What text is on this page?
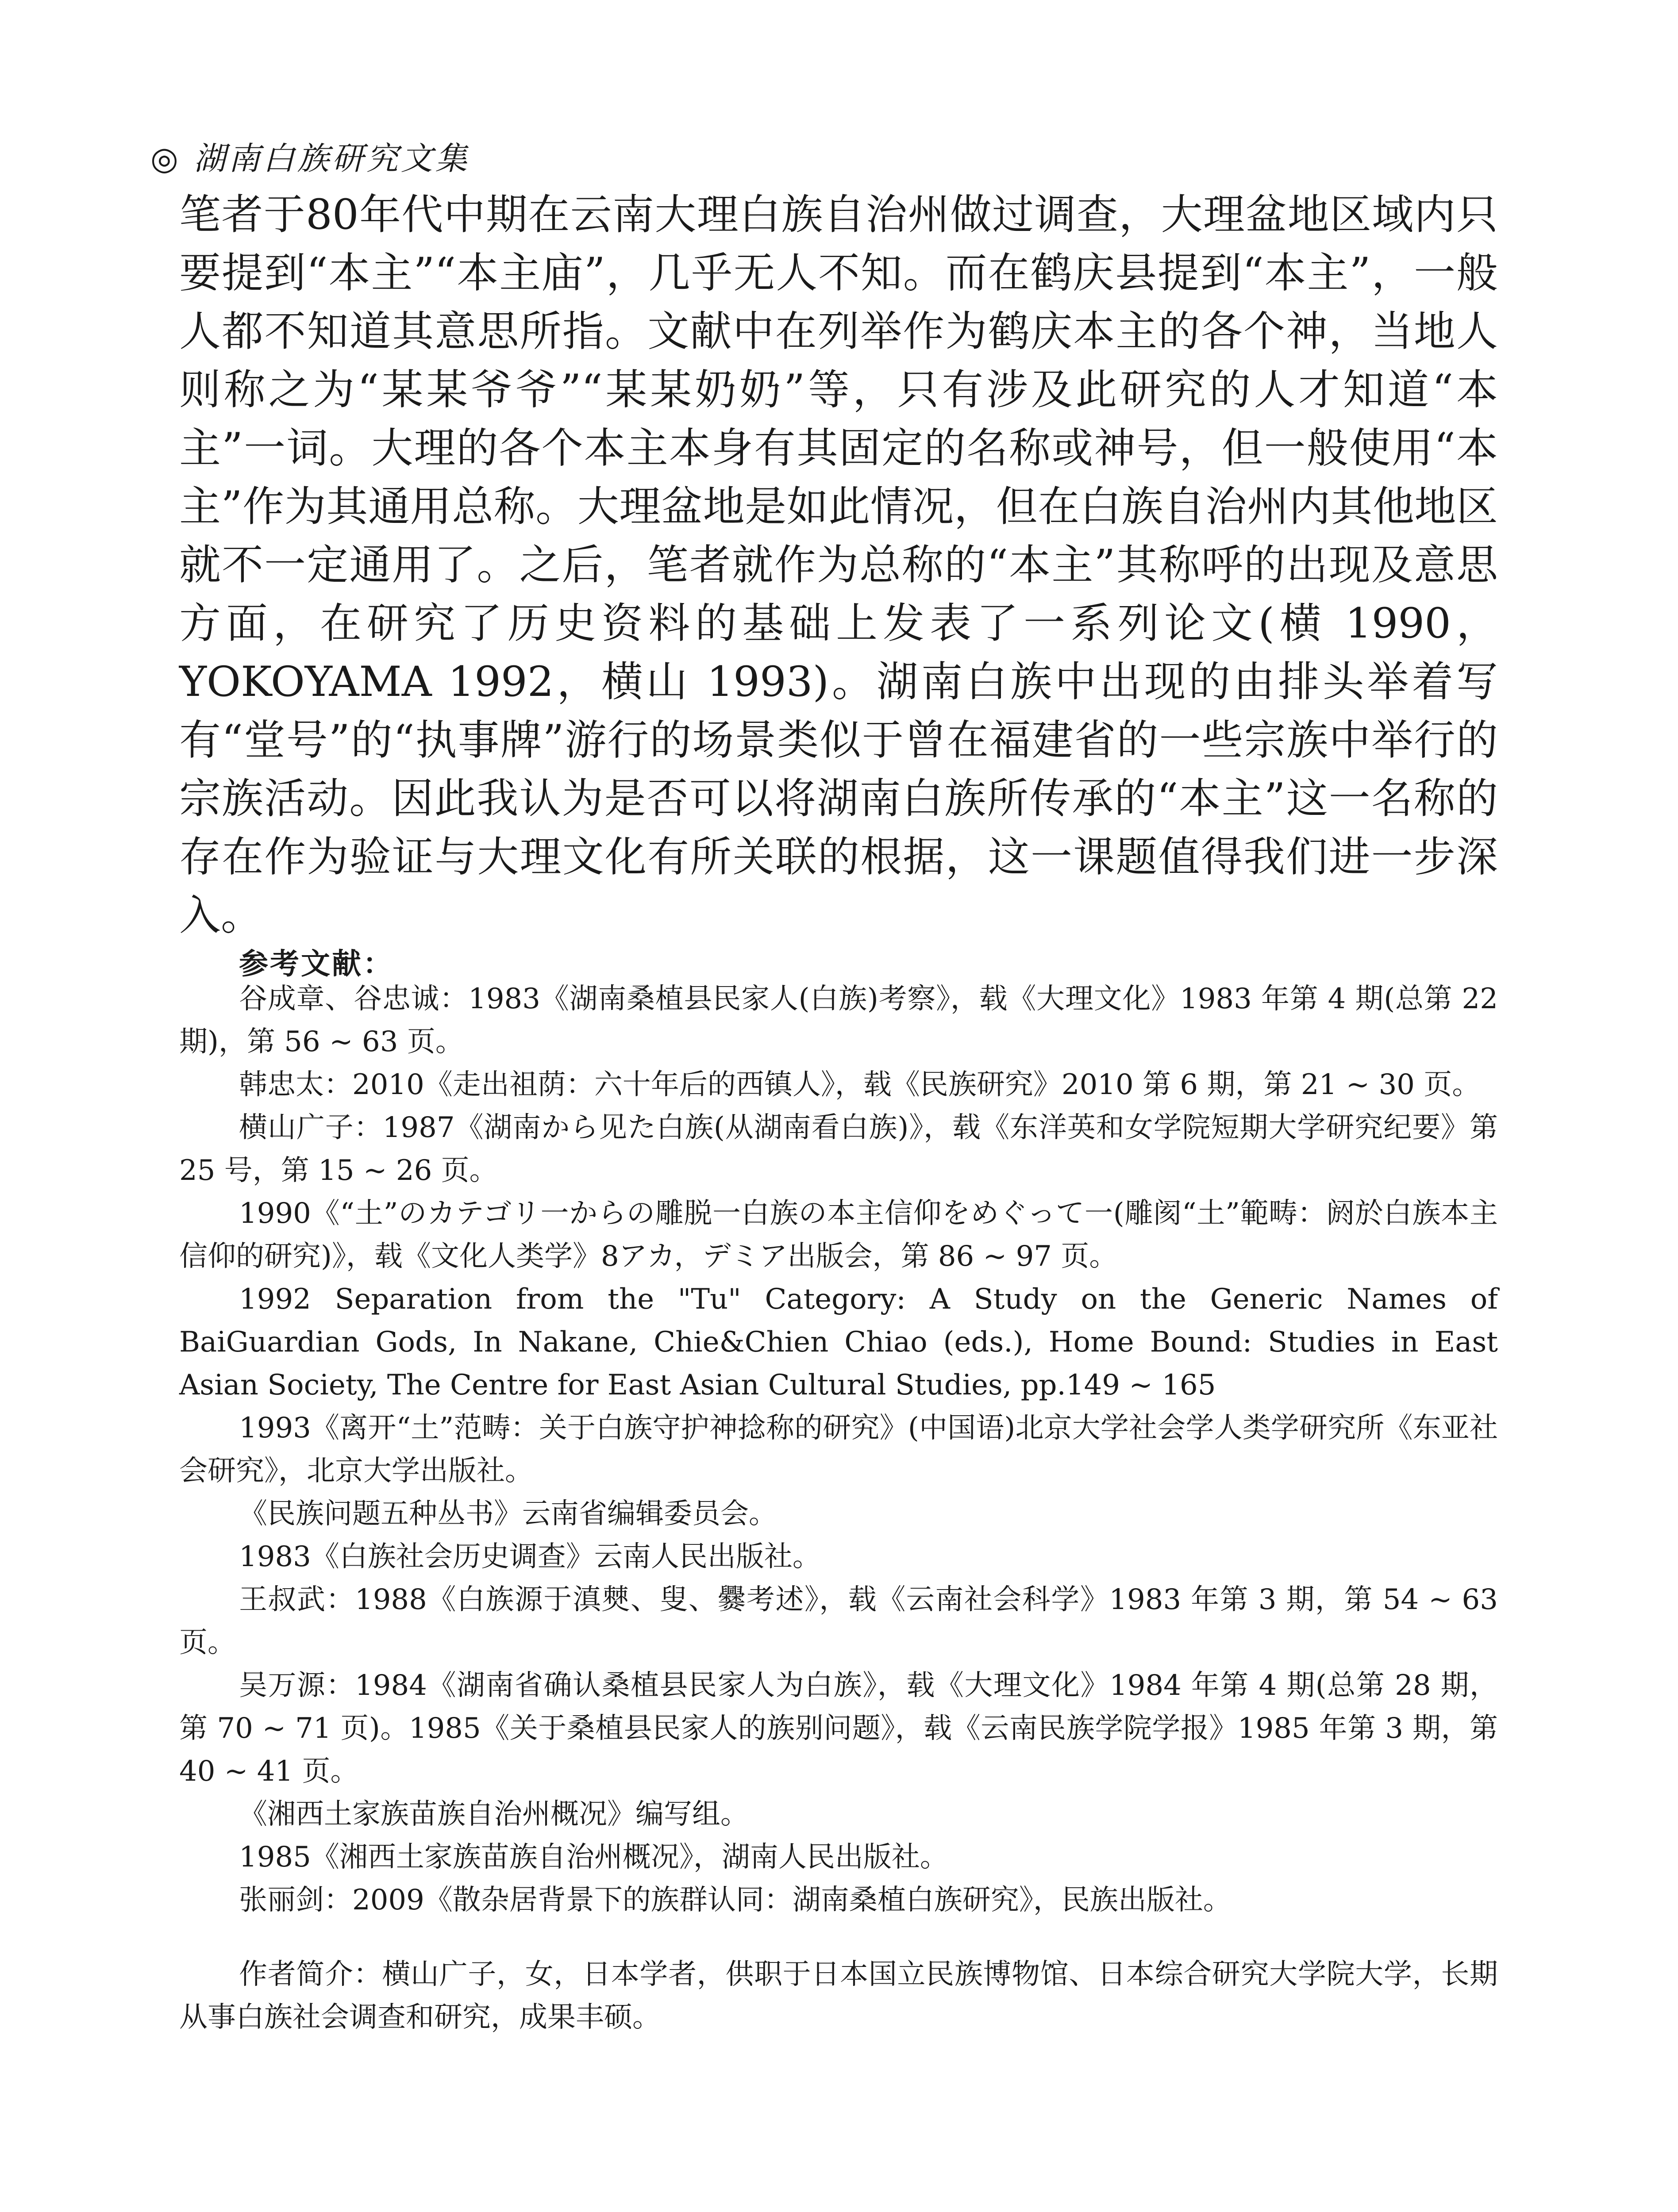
◎ 湖南白族研究文集

笔者于80年代中期在云南大理白族自治州做过调查，大理盆地区域内只要提到“本主”“本主庙”，几乎无人不知。而在鹤庆县提到“本主”，一般人都不知道其意思所指。文献中在列举作为鹤庆本主的各个神，当地人则称之为“某某爷爷”“某某奶奶”等，只有涉及此研究的人才知道“本主”一词。大理的各个本主本身有其固定的名称或神号，但一般使用“本主”作为其通用总称。大理盆地是如此情况，但在白族自治州内其他地区就不一定通用了。之后，笔者就作为总称的“本主”其称呼的出现及意思方面，在研究了历史资料的基础上发表了一系列论文(横 1990，YOKOYAMA 1992，横山 1993)。湖南白族中出现的由排头举着写有“堂号”的“执事牌”游行的场景类似于曾在福建省的一些宗族中举行的宗族活动。因此我认为是否可以将湖南白族所传承的“本主”这一名称的存在作为验证与大理文化有所关联的根据，这一课题值得我们进一步深入。

参考文献：

谷成章、谷忠诚：1983《湖南桑植县民家人(白族)考察》，载《大理文化》1983 年第 4 期(总第 22 期)，第 56 ~ 63 页。

韩忠太：2010《走出祖荫：六十年后的西镇人》，载《民族研究》2010 第 6 期，第 21 ~ 30 页。

横山广子：1987《湖南から见た白族(从湖南看白族)》，载《东洋英和女学院短期大学研究纪要》第 25 号，第 15 ~ 26 页。

1990《“土”のカテゴリ一からの雕脱一白族の本主信仰をめぐって一(雕阂“土”範畴：阏於白族本主信仰的研究)》，载《文化人类学》8アカ，デミア出版会，第 86 ~ 97 页。

1992 Separation from the "Tu" Category: A Study on the Generic Names of BaiGuardian Gods, In Nakane, Chie&Chien Chiao (eds.), Home Bound: Studies in East Asian Society, The Centre for East Asian Cultural Studies, pp.149 ~ 165

1993《离开“土”范畴：关于白族守护神捻称的研究》(中国语)北京大学社会学人类学研究所《东亚社会研究》，北京大学出版社。

《民族问题五种丛书》云南省编辑委员会。

1983《白族社会历史调查》云南人民出版社。

王叔武：1988《白族源于滇僰、叟、爨考述》，载《云南社会科学》1983 年第 3 期，第 54 ~ 63 页。

吴万源：1984《湖南省确认桑植县民家人为白族》，载《大理文化》1984 年第 4 期(总第 28 期，第 70 ~ 71 页)。1985《关于桑植县民家人的族别问题》，载《云南民族学院学报》1985 年第 3 期，第 40 ~ 41 页。

《湘西土家族苗族自治州概况》编写组。

1985《湘西土家族苗族自治州概况》，湖南人民出版社。

张丽剑：2009《散杂居背景下的族群认同：湖南桑植白族研究》，民族出版社。

作者简介：横山广子，女，日本学者，供职于日本国立民族博物馆、日本综合研究大学院大学，长期从事白族社会调查和研究，成果丰硕。
